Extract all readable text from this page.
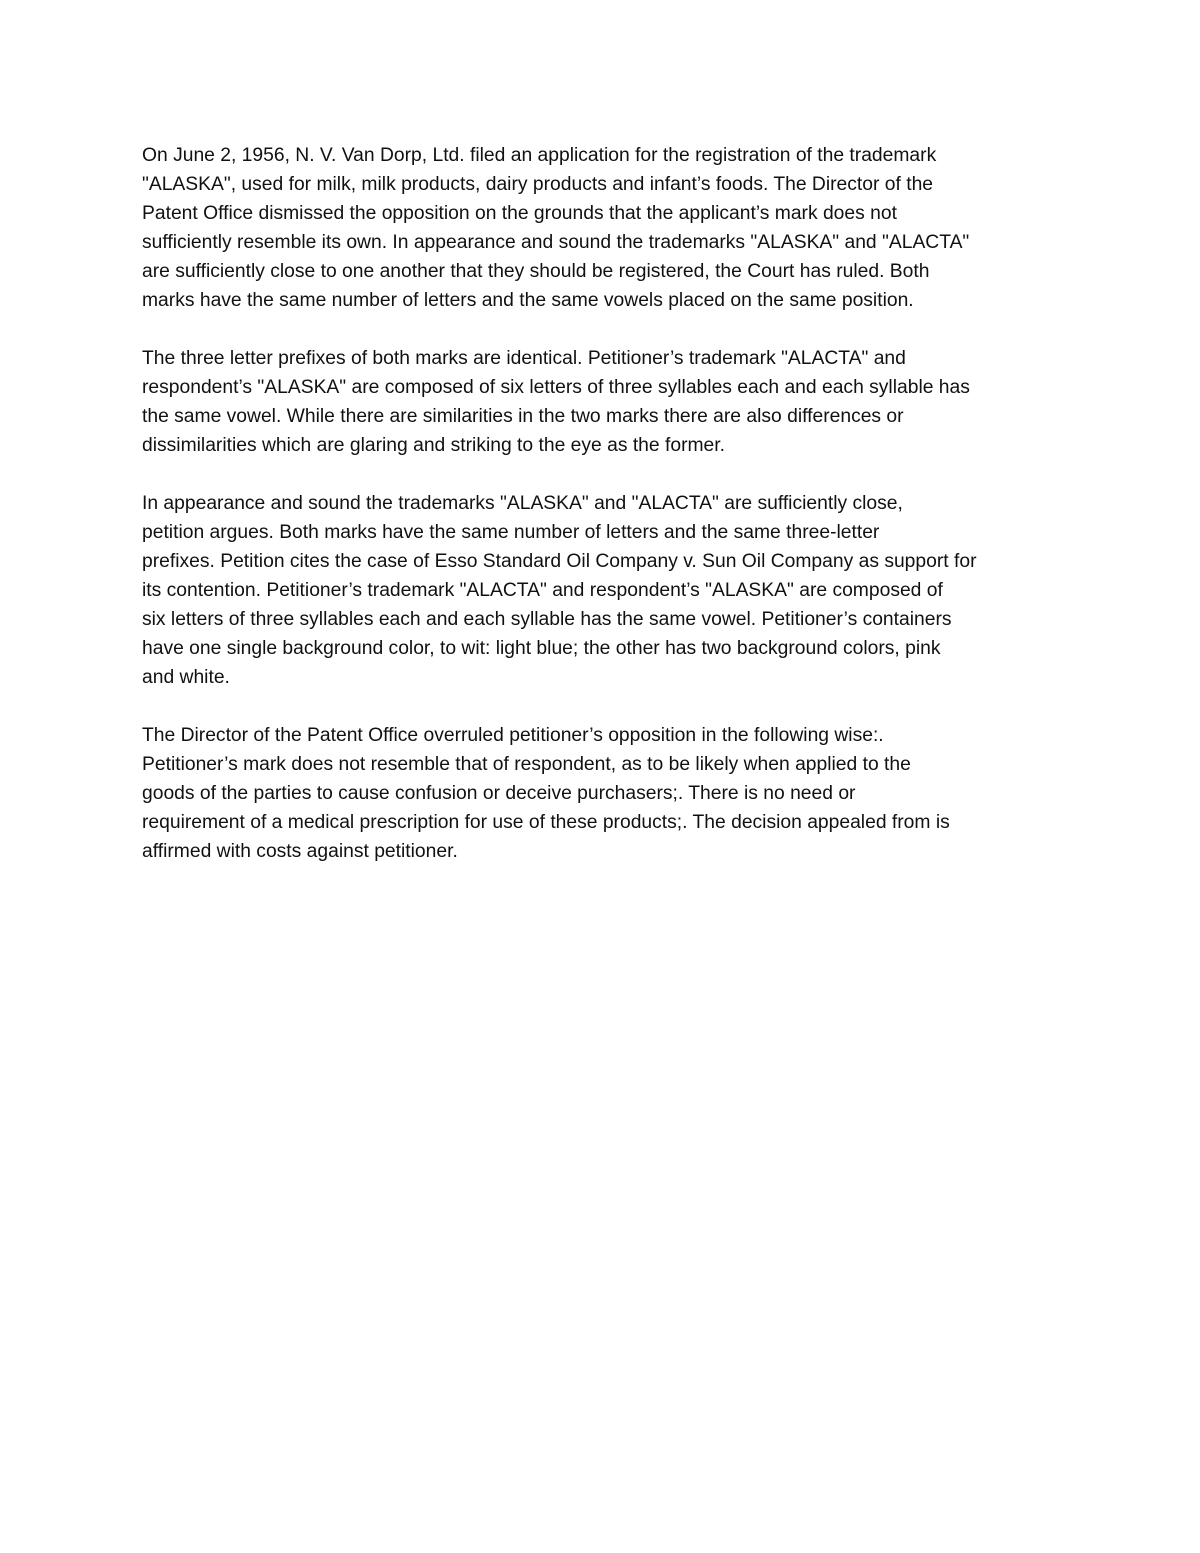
On June 2, 1956, N. V. Van Dorp, Ltd. filed an application for the registration of the trademark
"ALASKA", used for milk, milk products, dairy products and infant’s foods. The Director of the
Patent Office dismissed the opposition on the grounds that the applicant’s mark does not
sufficiently resemble its own. In appearance and sound the trademarks "ALASKA" and "ALACTA"
are sufficiently close to one another that they should be registered, the Court has ruled. Both
marks have the same number of letters and the same vowels placed on the same position.

The three letter prefixes of both marks are identical. Petitioner’s trademark "ALACTA" and
respondent’s "ALASKA" are composed of six letters of three syllables each and each syllable has
the same vowel. While there are similarities in the two marks there are also differences or
dissimilarities which are glaring and striking to the eye as the former.

In appearance and sound the trademarks "ALASKA" and "ALACTA" are sufficiently close,
petition argues. Both marks have the same number of letters and the same three-letter
prefixes. Petition cites the case of Esso Standard Oil Company v. Sun Oil Company as support for
its contention. Petitioner’s trademark "ALACTA" and respondent’s "ALASKA" are composed of
six letters of three syllables each and each syllable has the same vowel. Petitioner’s containers
have one single background color, to wit: light blue; the other has two background colors, pink
and white.

The Director of the Patent Office overruled petitioner’s opposition in the following wise:.
Petitioner’s mark does not resemble that of respondent, as to be likely when applied to the
goods of the parties to cause confusion or deceive purchasers;. There is no need or
requirement of a medical prescription for use of these products;. The decision appealed from is
affirmed with costs against petitioner.
